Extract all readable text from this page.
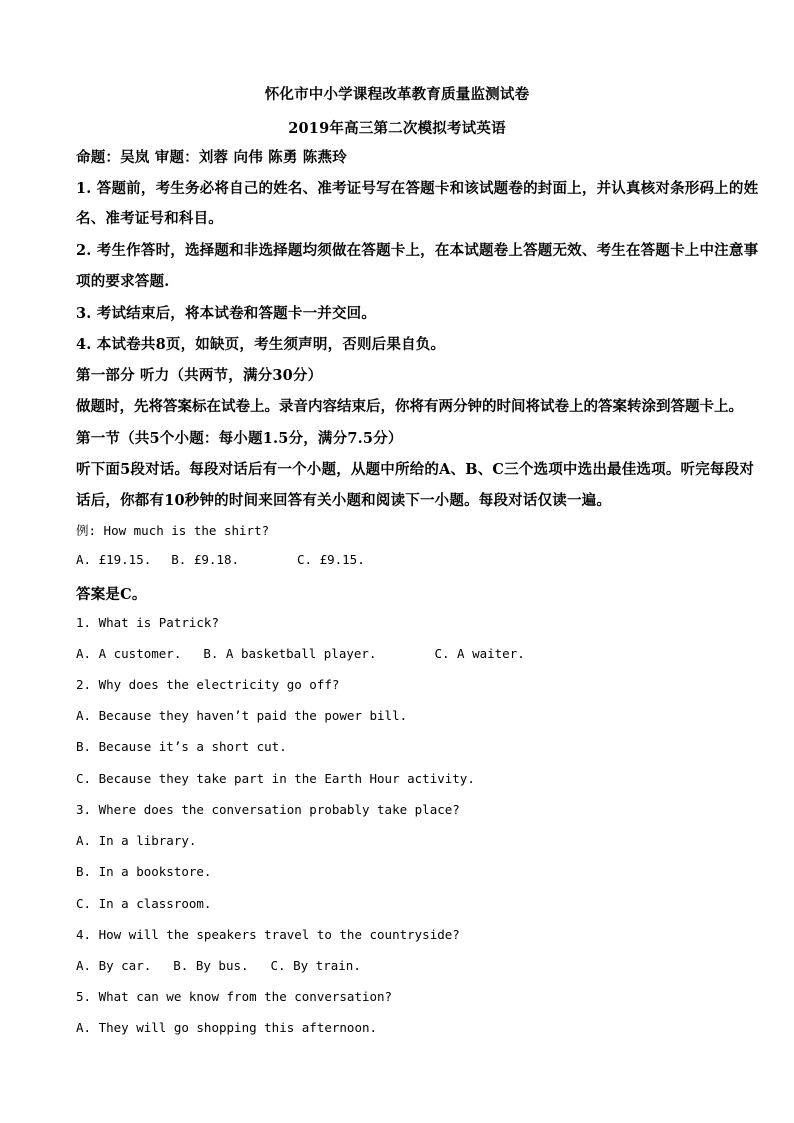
怀化市中小学课程改革教育质量监测试卷
2019年高三第二次模拟考试英语
命题：吴岚 审题：刘蓉 向伟 陈勇 陈燕玲
1. 答题前，考生务必将自己的姓名、准考证号写在答题卡和该试题卷的封面上，并认真核对条形码上的姓
名、准考证号和科目。
2. 考生作答时，选择题和非选择题均须做在答题卡上，在本试题卷上答题无效、考生在答题卡上中注意事
项的要求答题.
3. 考试结束后，将本试卷和答题卡一并交回。
4. 本试卷共8页，如缺页，考生须声明，否则后果自负。
第一部分 听力（共两节，满分30分）
做题时，先将答案标在试卷上。录音内容结束后，你将有两分钟的时间将试卷上的答案转涂到答题卡上。
第一节（共5个小题：每小题1.5分，满分7.5分）
听下面5段对话。每段对话后有一个小题，从题中所给的A、B、C三个选项中选出最佳选项。听完每段对
话后，你都有10秒钟的时间来回答有关小题和阅读下一小题。每段对话仅读一遍。
例: How much is the shirt?
A. £19.15. B. £9.18.	C. £9.15.
答案是C。
1. What is Patrick?
A. A customer. B. A basketball player.	C. A waiter.
2. Why does the electricity go off?
A. Because they haven’t paid the power bill.
B. Because it’s a short cut.
C. Because they take part in the Earth Hour activity.
3. Where does the conversation probably take place?
A. In a library.
B. In a bookstore.
C. In a classroom.
4. How will the speakers travel to the countryside?
A. By car. B. By bus. C. By train.
5. What can we know from the conversation?
A. They will go shopping this afternoon.
